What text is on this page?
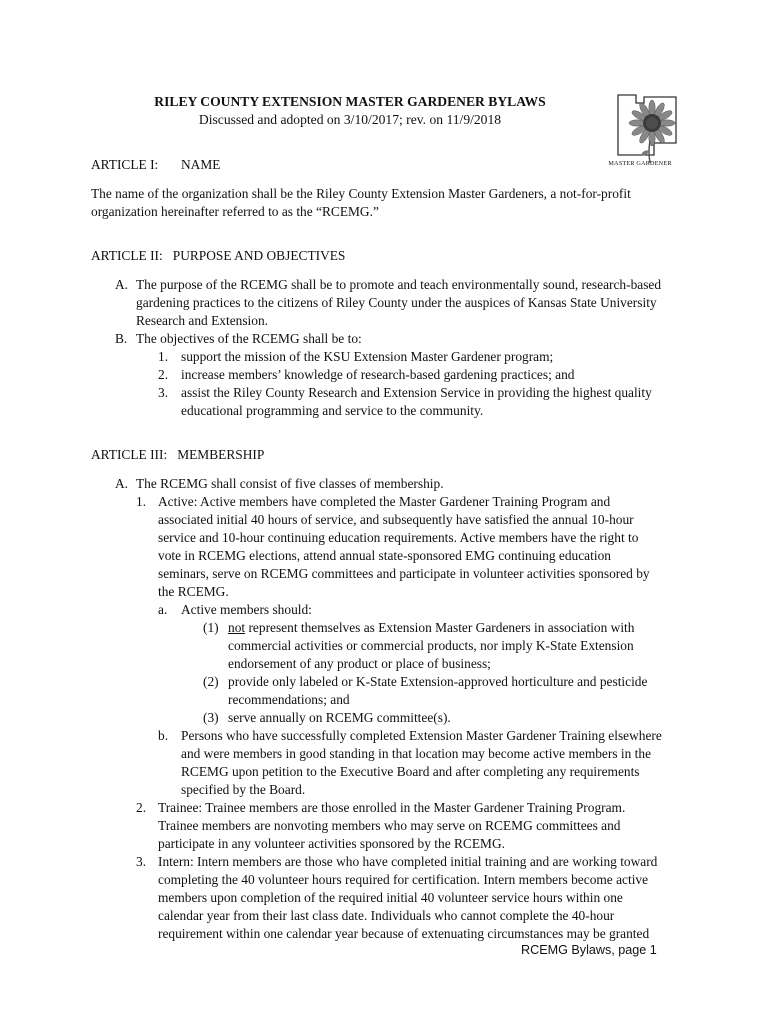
RILEY COUNTY EXTENSION MASTER GARDENER BYLAWS
Discussed and adopted on 3/10/2017; rev. on 11/9/2018
MASTER GARDENER
ARTICLE I: NAME
The name of the organization shall be the Riley County Extension Master Gardeners, a not-for-profit
organization hereinafter referred to as the “RCEMG.”
ARTICLE II:   PURPOSE AND OBJECTIVES
A. The purpose of the RCEMG shall be to promote and teach environmentally sound, research-based
gardening practices to the citizens of Riley County under the auspices of Kansas State University
Research and Extension.
B. The objectives of the RCEMG shall be to:
1. support the mission of the KSU Extension Master Gardener program;
2. increase members’ knowledge of research-based gardening practices; and
3. assist the Riley County Research and Extension Service in providing the highest quality
educational programming and service to the community.
ARTICLE III:   MEMBERSHIP
A. The RCEMG shall consist of five classes of membership.
1. Active: Active members have completed the Master Gardener Training Program and
associated initial 40 hours of service, and subsequently have satisfied the annual 10-hour
service and 10-hour continuing education requirements. Active members have the right to
vote in RCEMG elections, attend annual state-sponsored EMG continuing education
seminars, serve on RCEMG committees and participate in volunteer activities sponsored by
the RCEMG.
a. Active members should:
(1) not represent themselves as Extension Master Gardeners in association with
commercial activities or commercial products, nor imply K-State Extension
endorsement of any product or place of business;
(2) provide only labeled or K-State Extension-approved horticulture and pesticide
recommendations; and
(3) serve annually on RCEMG committee(s).
b. Persons who have successfully completed Extension Master Gardener Training elsewhere
and were members in good standing in that location may become active members in the
RCEMG upon petition to the Executive Board and after completing any requirements
specified by the Board.
2. Trainee: Trainee members are those enrolled in the Master Gardener Training Program.
Trainee members are nonvoting members who may serve on RCEMG committees and
participate in any volunteer activities sponsored by the RCEMG.
3. Intern: Intern members are those who have completed initial training and are working toward
completing the 40 volunteer hours required for certification. Intern members become active
members upon completion of the required initial 40 volunteer service hours within one
calendar year from their last class date. Individuals who cannot complete the 40-hour
requirement within one calendar year because of extenuating circumstances may be granted
RCEMG Bylaws, page 1
